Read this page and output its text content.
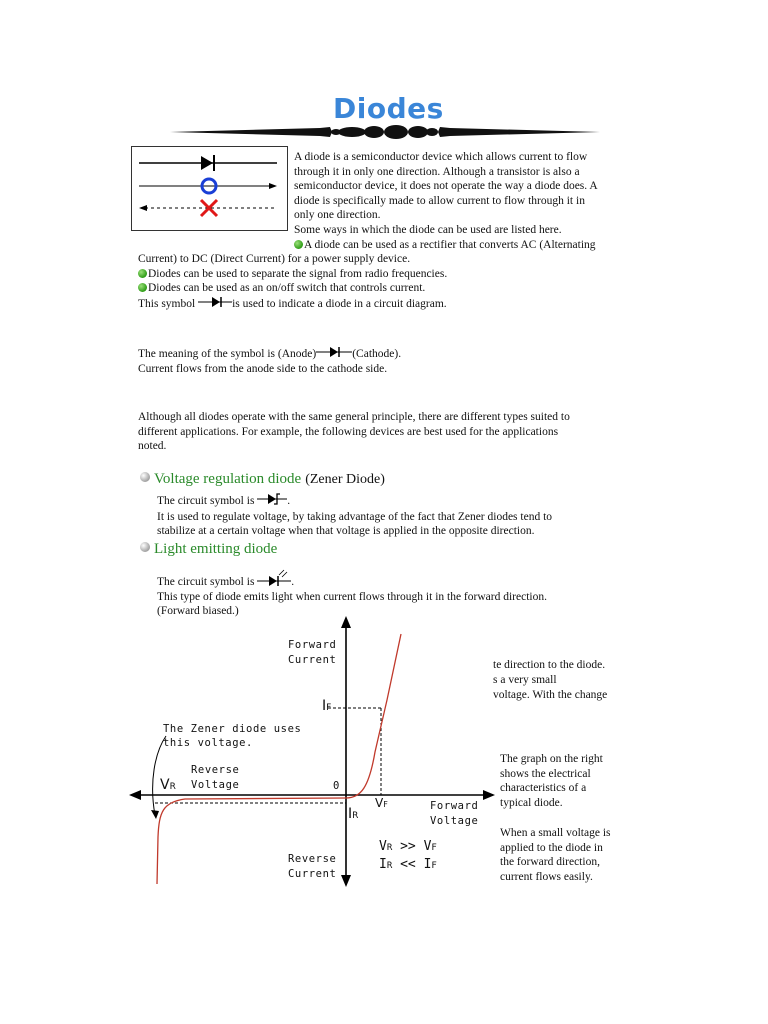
Diodes
A diode is a semiconductor device which allows current to flow
through it in only one direction. Although a transistor is also a
semiconductor device, it does not operate the way a diode does. A
diode is specifically made to allow current to flow through it in
only one direction.
Some ways in which the diode can be used are listed here.
A diode can be used as a rectifier that converts AC (Alternating
Current) to DC (Direct Current) for a power supply device.
Diodes can be used to separate the signal from radio frequencies.
Diodes can be used as an on/off switch that controls current.
This symbol	is used to indicate a diode in a circuit diagram.
The meaning of the symbol is (Anode)	(Cathode).
Current flows from the anode side to the cathode side.
Although all diodes operate with the same general principle, there are different types suited to
different applications. For example, the following devices are best used for the applications
noted.
Voltage regulation diode (Zener Diode)
The circuit symbol is	.
It is used to regulate voltage, by taking advantage of the fact that Zener diodes tend to
stabilize at a certain voltage when that voltage is applied in the opposite direction.
Light emitting diode
The circuit symbol is	.
This type of diode emits light when current flows through it in the forward direction.
(Forward biased.)
te direction to the diode.
s a very small
voltage. With the change
Forward
Current
Reverse
Current
Forward
Voltage
Reverse
Voltage
The Zener diode uses
this voltage.
IF
IR
VR
VF
0
VR >> VF
IR << IF
The graph on the right
shows the electrical
characteristics of a
typical diode.
When a small voltage is
applied to the diode in
the forward direction,
current flows easily.
